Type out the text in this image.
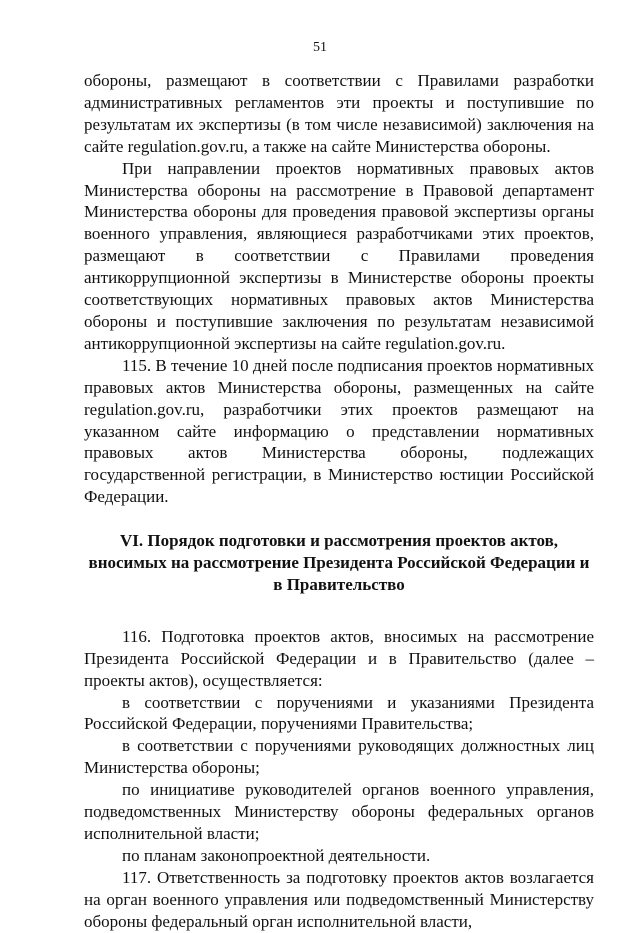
51

обороны, размещают в соответствии с Правилами разработки административных регламентов эти проекты и поступившие по результатам их экспертизы (в том числе независимой) заключения на сайте regulation.gov.ru, а также на сайте Министерства обороны.

При направлении проектов нормативных правовых актов Министерства обороны на рассмотрение в Правовой департамент Министерства обороны для проведения правовой экспертизы органы военного управления, являющиеся разработчиками этих проектов, размещают в соответствии с Правилами проведения антикоррупционной экспертизы в Министерстве обороны проекты соответствующих нормативных правовых актов Министерства обороны и поступившие заключения по результатам независимой антикоррупционной экспертизы на сайте regulation.gov.ru.

115. В течение 10 дней после подписания проектов нормативных правовых актов Министерства обороны, размещенных на сайте regulation.gov.ru, разработчики этих проектов размещают на указанном сайте информацию о представлении нормативных правовых актов Министерства обороны, подлежащих государственной регистрации, в Министерство юстиции Российской Федерации.

VI. Порядок подготовки и рассмотрения проектов актов,
вносимых на рассмотрение Президента Российской Федерации и
в Правительство

116. Подготовка проектов актов, вносимых на рассмотрение Президента Российской Федерации и в Правительство (далее – проекты актов), осуществляется:

в соответствии с поручениями и указаниями Президента Российской Федерации, поручениями Правительства;

в соответствии с поручениями руководящих должностных лиц Министерства обороны;

по инициативе руководителей органов военного управления, подведомственных Министерству обороны федеральных органов исполнительной власти;

по планам законопроектной деятельности.

117. Ответственность за подготовку проектов актов возлагается на орган военного управления или подведомственный Министерству обороны федеральный орган исполнительной власти,
